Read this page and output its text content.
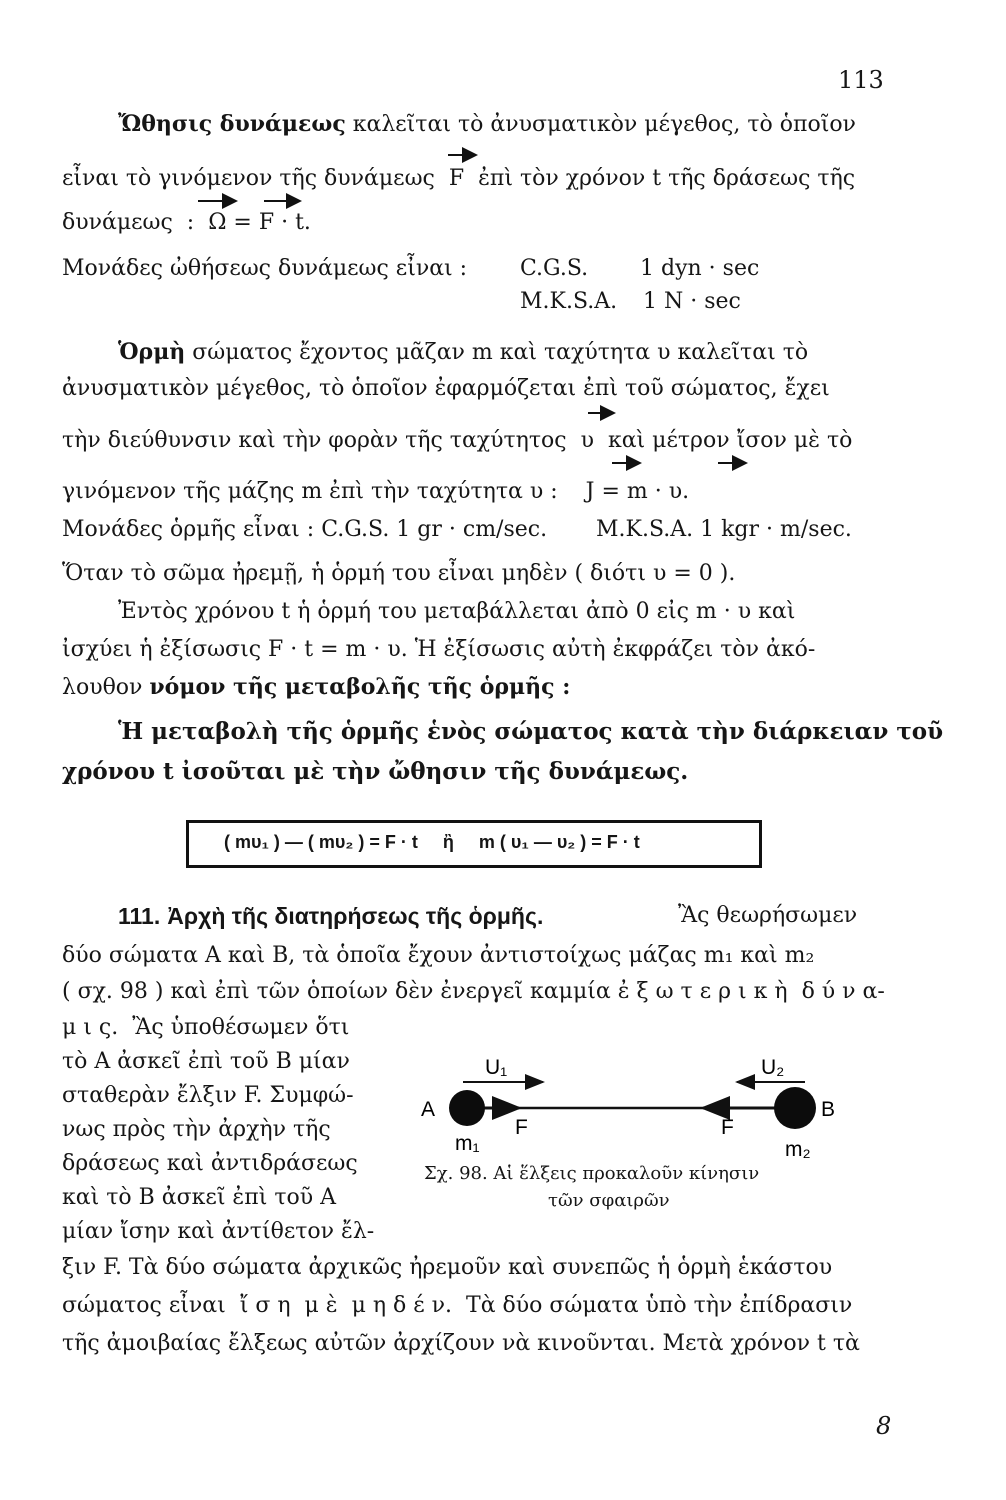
113
Ὤθησις δυνάμεως καλεῖται τὸ ἀνυσματικὸν μέγεθος, τὸ ὁποῖον
εἶναι τὸ γινόμενον τῆς δυνάμεως  F  ἐπὶ τὸν χρόνον t τῆς δράσεως τῆς
δυνάμεως  :  Ω = F · t.
Μονάδες ὠθήσεως δυνάμεως εἶναι : C.G.S. 1 dyn · sec
M.K.S.A. 1 N · sec
Ὁρμὴ σώματος ἔχοντος μᾶζαν m καὶ ταχύτητα υ καλεῖται τὸ
ἀνυσματικὸν μέγεθος, τὸ ὁποῖον ἐφαρμόζεται ἐπὶ τοῦ σώματος, ἔχει
τὴν διεύθυνσιν καὶ τὴν φορὰν τῆς ταχύτητος  υ  καὶ μέτρον ἴσον μὲ τὸ
γινόμενον τῆς μάζης m ἐπὶ τὴν ταχύτητα υ :    J = m · υ.
Μονάδες ὁρμῆς εἶναι : C.G.S. 1 gr · cm/sec. M.K.S.A. 1 kgr · m/sec.
Ὅταν τὸ σῶμα ἠρεμῇ, ἡ ὁρμή του εἶναι μηδὲν ( διότι υ = 0 ).
Ἐντὸς χρόνου t ἡ ὁρμή του μεταβάλλεται ἀπὸ 0 εἰς m · υ καὶ
ἰσχύει ἡ ἐξίσωσις F · t = m · υ. Ἡ ἐξίσωσις αὐτὴ ἐκφράζει τὸν ἀκό-
λουθον νόμον τῆς μεταβολῆς τῆς ὁρμῆς :
Ἡ μεταβολὴ τῆς ὁρμῆς ἑνὸς σώματος κατὰ τὴν διάρκειαν τοῦ
χρόνου t ἰσοῦται μὲ τὴν ὤθησιν τῆς δυνάμεως.
( mυ₁ ) — ( mυ₂ ) = F · t     ἢ     m ( υ₁ — υ₂ ) = F · t
111. Ἀρχὴ τῆς διατηρήσεως τῆς ὁρμῆς.	Ἂς θεωρήσωμεν
δύο σώματα Α καὶ Β, τὰ ὁποῖα ἔχουν ἀντιστοίχως μάζας m₁ καὶ m₂
( σχ. 98 ) καὶ ἐπὶ τῶν ὁποίων δὲν ἐνεργεῖ καμμία ἐ ξ ω τ ε ρ ι κ ὴ  δ ύ ν α-
μ ι ς.  Ἂς ὑποθέσωμεν ὅτι
τὸ Α ἀσκεῖ ἐπὶ τοῦ Β μίαν
σταθερὰν ἔλξιν F. Συμφώ-
νως πρὸς τὴν ἀρχὴν τῆς
δράσεως καὶ ἀντιδράσεως
καὶ τὸ Β ἀσκεῖ ἐπὶ τοῦ Α
μίαν ἴσην καὶ ἀντίθετον ἔλ-
ξιν F. Τὰ δύο σώματα ἀρχικῶς ἠρεμοῦν καὶ συνεπῶς ἡ ὁρμὴ ἑκάστου
σώματος εἶναι  ἴ σ η  μ ὲ  μ η δ έ ν.  Τὰ δύο σώματα ὑπὸ τὴν ἐπίδρασιν
τῆς ἀμοιβαίας ἔλξεως αὐτῶν ἀρχίζουν νὰ κινοῦνται. Μετὰ χρόνον t τὰ
U₁	U₂
A	B
F	F
m₁	m₂
Σχ. 98. Αἱ ἕλξεις προκαλοῦν κίνησιν
τῶν σφαιρῶν
8
